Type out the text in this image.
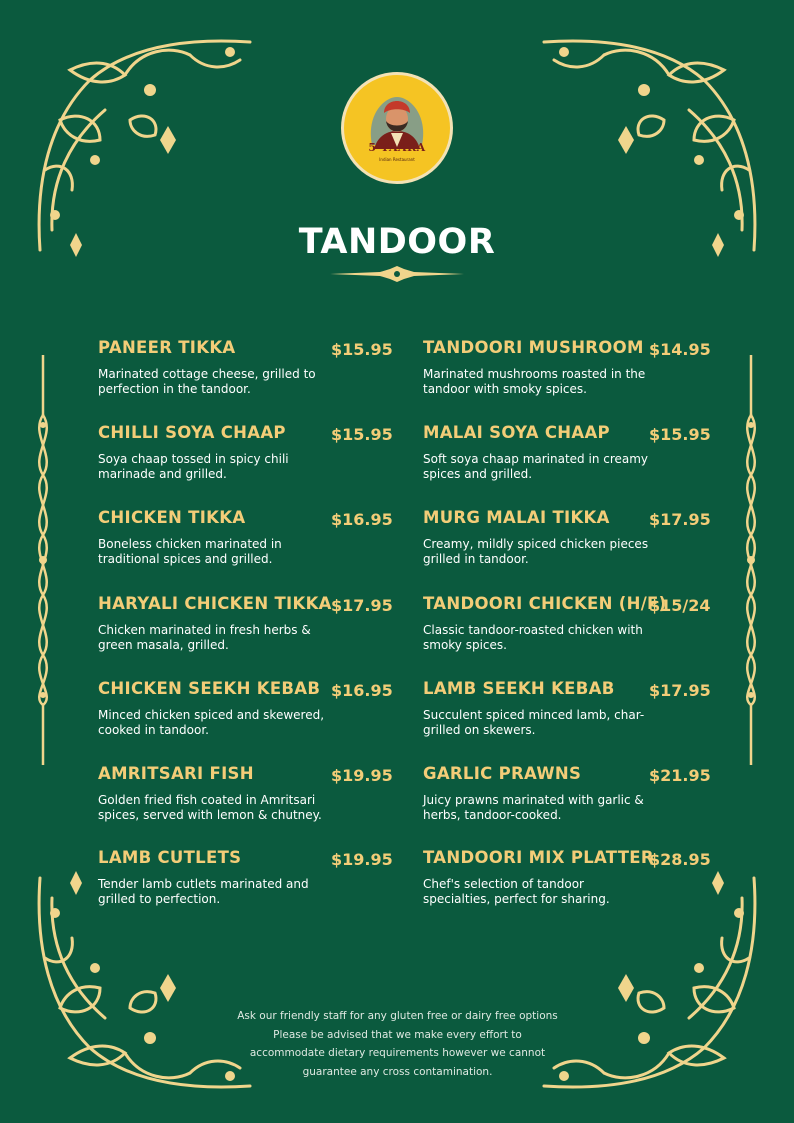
5 TAARA
Indian Restaurant
TANDOOR
PANEER TIKKA	$15.95
Marinated cottage cheese, grilled to perfection in the tandoor.
CHILLI SOYA CHAAP	$15.95
Soya chaap tossed in spicy chili marinade and grilled.
CHICKEN TIKKA	$16.95
Boneless chicken marinated in traditional spices and grilled.
HARYALI CHICKEN TIKKA $17.95
Chicken marinated in fresh herbs & green masala, grilled.
CHICKEN SEEKH KEBAB $16.95
Minced chicken spiced and skewered, cooked in tandoor.
AMRITSARI FISH	$19.95
Golden fried fish coated in Amritsari spices, served with lemon & chutney.
LAMB CUTLETS	$19.95
Tender lamb cutlets marinated and grilled to perfection.
TANDOORI MUSHROOM $14.95
Marinated mushrooms roasted in the tandoor with smoky spices.
MALAI SOYA CHAAP $15.95
Soft soya chaap marinated in creamy spices and grilled.
MURG MALAI TIKKA $17.95
Creamy, mildly spiced chicken pieces grilled in tandoor.
TANDOORI CHICKEN (H/F)
$15/24
Classic tandoor-roasted chicken with smoky spices.
LAMB SEEKH KEBAB $17.95
Succulent spiced minced lamb, char-grilled on skewers.
GARLIC PRAWNS	$21.95
Juicy prawns marinated with garlic & herbs, tandoor-cooked.
TANDOORI MIX PLATTER
$28.95
Chef's selection of tandoor specialties, perfect for sharing.
Ask our friendly staff for any gluten free or dairy free options
Please be advised that we make every effort to
accommodate dietary requirements however we cannot
guarantee any cross contamination.
